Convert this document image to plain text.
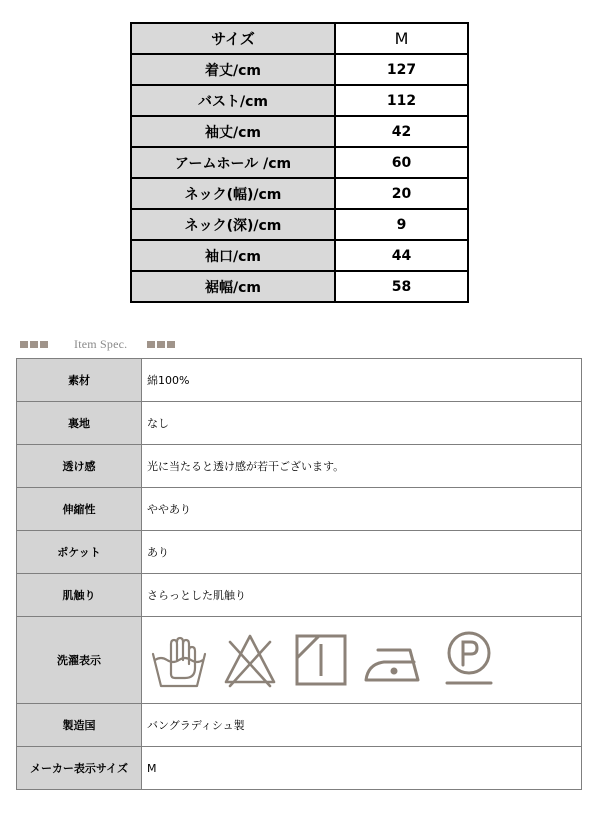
サイズ	M
着丈/cm	127
バスト/cm	112
袖丈/cm	42
アームホール /cm	60
ネック(幅)/cm	20
ネック(深)/cm	9
袖口/cm	44
裾幅/cm	58
Item Spec.
素材	綿100%
裏地	なし
透け感	光に当たると透け感が若干ございます。
伸縮性	ややあり
ポケット	あり
肌触り	さらっとした肌触り
洗濯表示	

製造国	バングラディシュ製
メーカー表示サイズ	M
